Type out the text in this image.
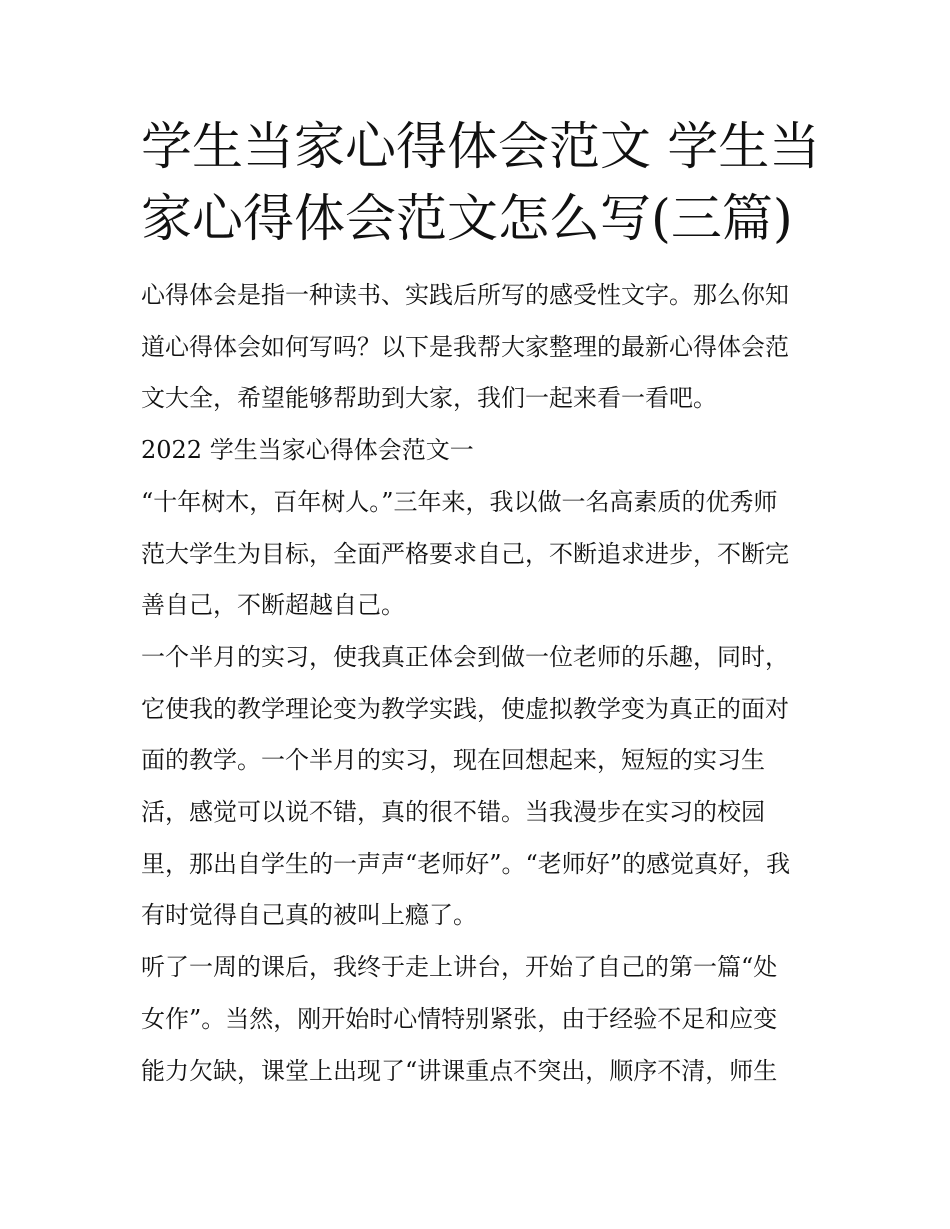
学生当家心得体会范文 学生当
家心得体会范文怎么写(三篇)

心得体会是指一种读书、实践后所写的感受性文字。那么你知
道心得体会如何写吗？以下是我帮大家整理的最新心得体会范
文大全，希望能够帮助到大家，我们一起来看一看吧。

2022 学生当家心得体会范文一

“十年树木，百年树人。”三年来，我以做一名高素质的优秀师
范大学生为目标，全面严格要求自己，不断追求进步，不断完
善自己，不断超越自己。

一个半月的实习，使我真正体会到做一位老师的乐趣，同时，
它使我的教学理论变为教学实践，使虚拟教学变为真正的面对
面的教学。一个半月的实习，现在回想起来，短短的实习生
活，感觉可以说不错，真的很不错。当我漫步在实习的校园
里，那出自学生的一声声“老师好”。“老师好”的感觉真好，我
有时觉得自己真的被叫上瘾了。

听了一周的课后，我终于走上讲台，开始了自己的第一篇“处
女作”。当然，刚开始时心情特别紧张，由于经验不足和应变
能力欠缺，课堂上出现了“讲课重点不突出，顺序不清，师生
